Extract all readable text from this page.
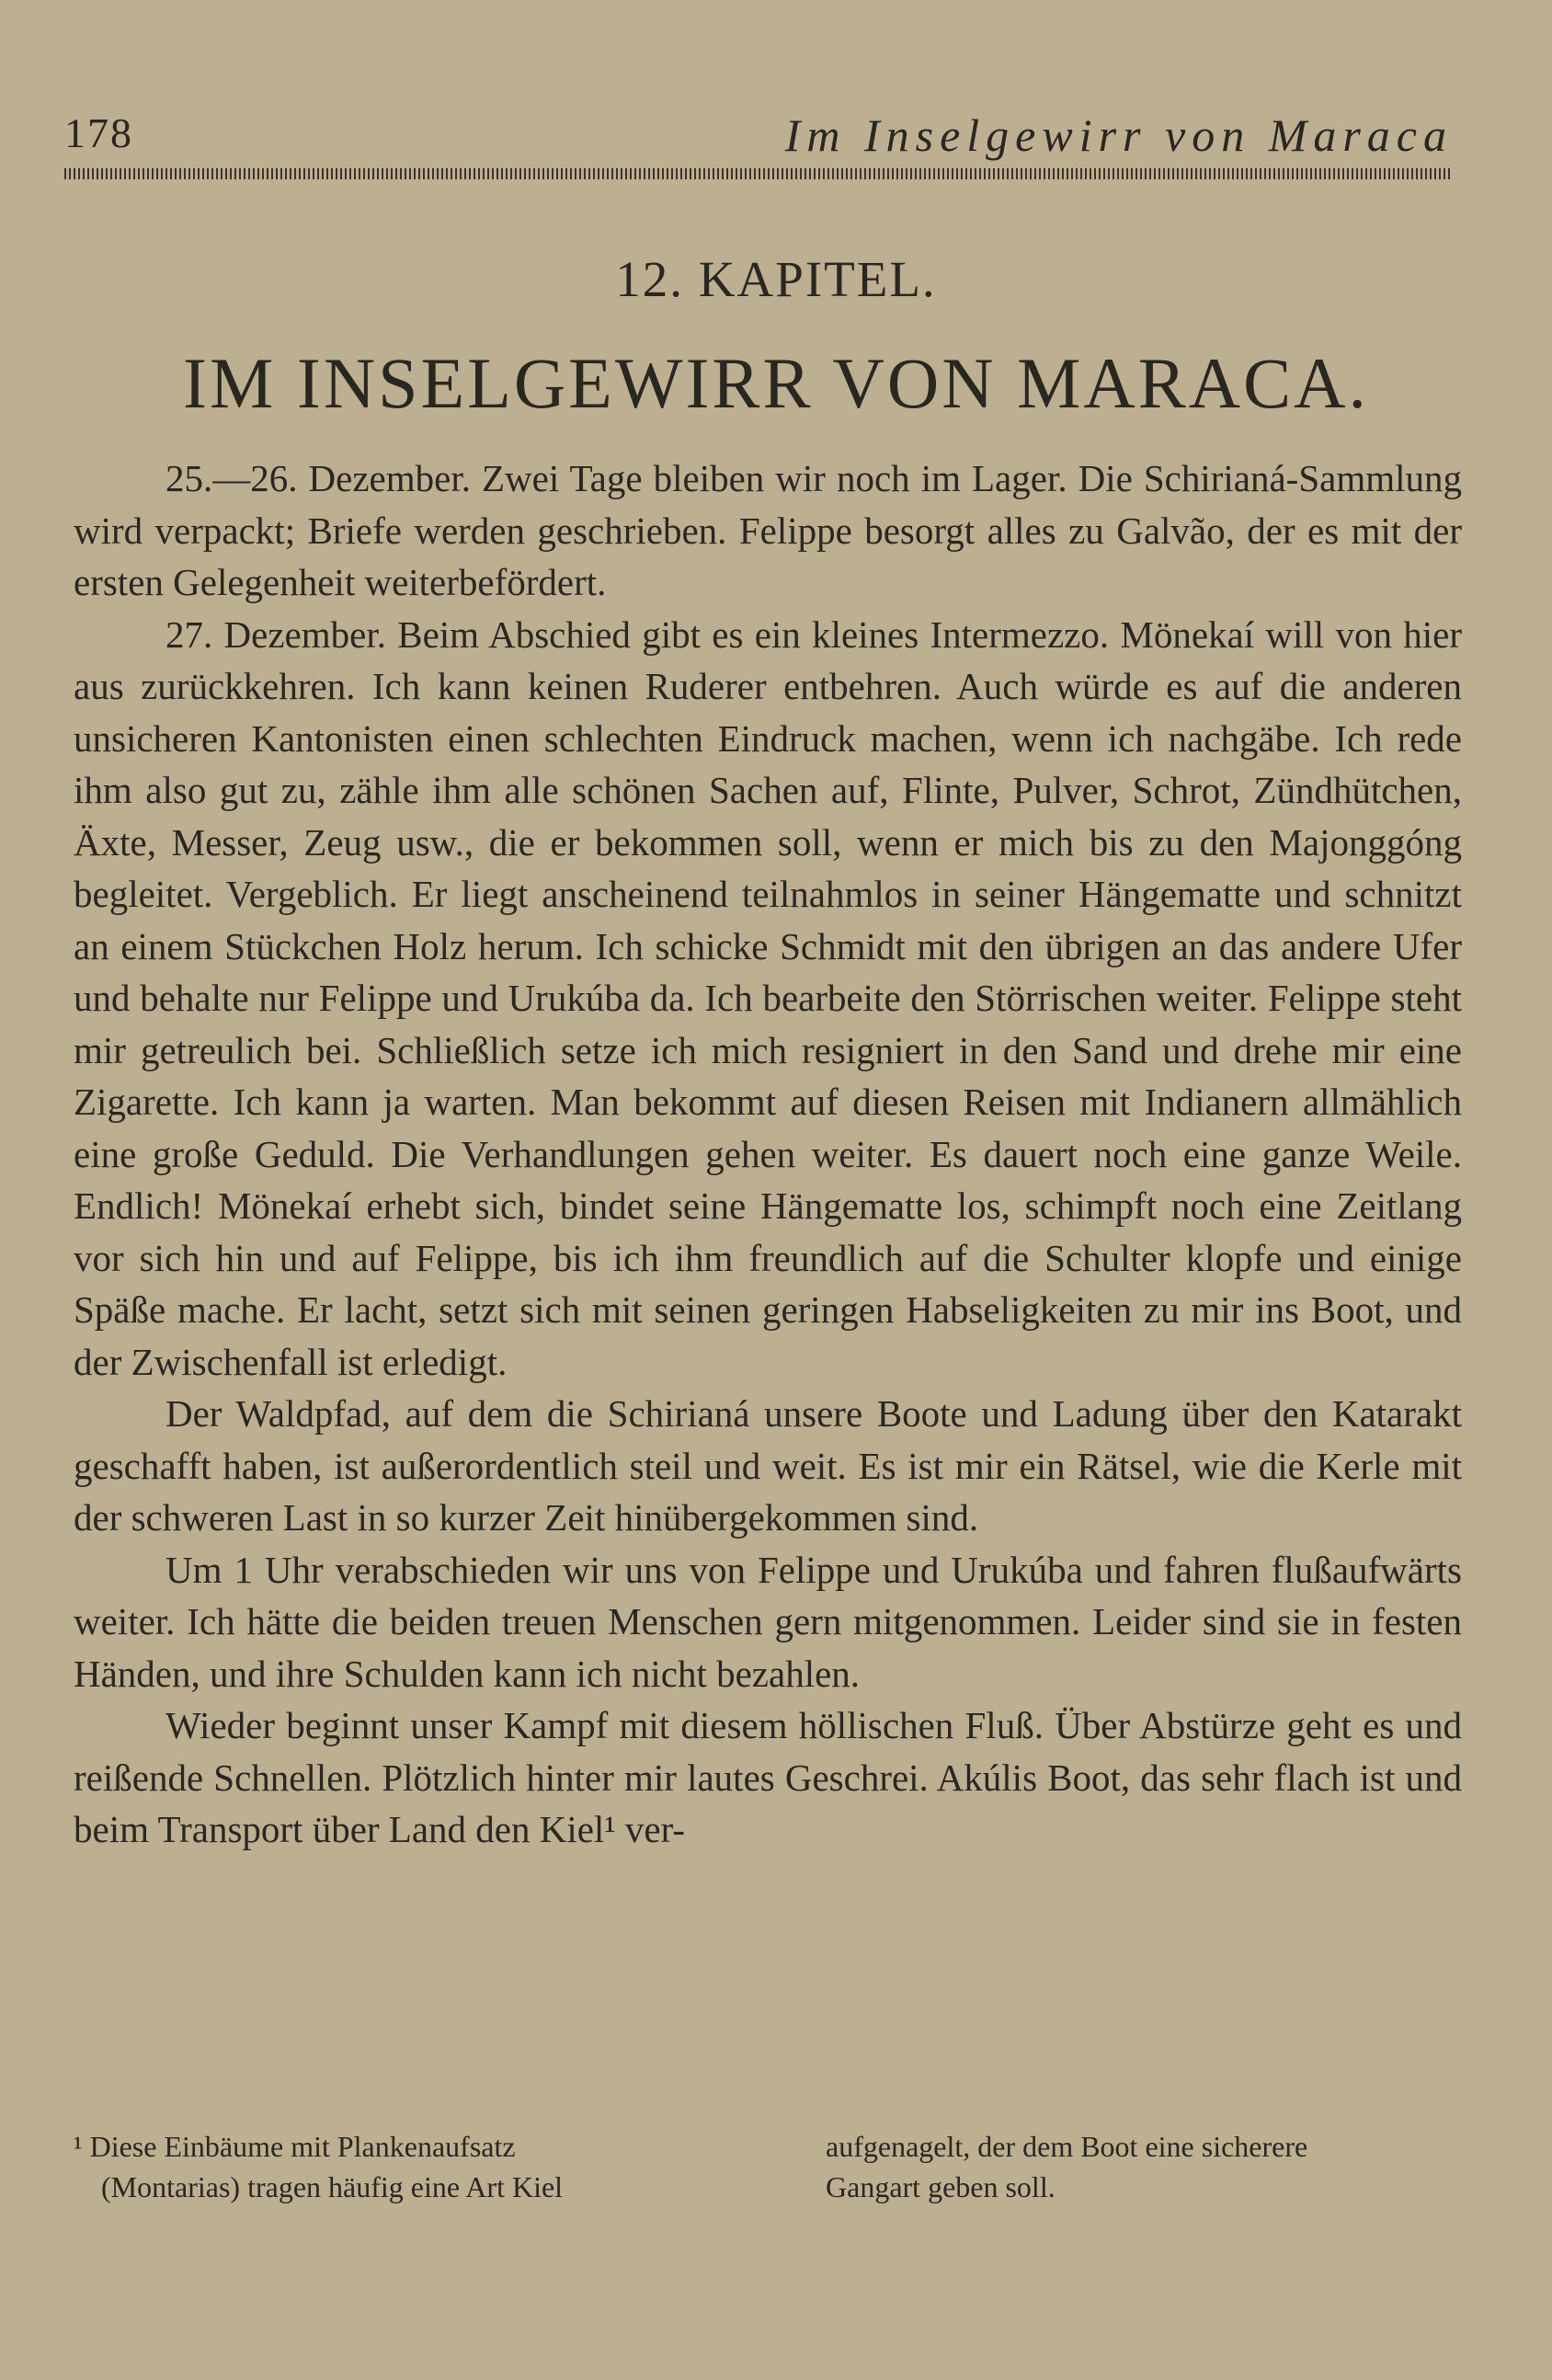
178	Im Inselgewirr von Maraca
12. KAPITEL.
IM INSELGEWIRR VON MARACA.

25.—26. Dezember. Zwei Tage bleiben wir noch im Lager. Die Schirianá-Sammlung wird verpackt; Briefe werden geschrieben. Felippe besorgt alles zu Galvão, der es mit der ersten Gelegenheit weiterbefördert.

27. Dezember. Beim Abschied gibt es ein kleines Intermezzo. Mönekaí will von hier aus zurückkehren. Ich kann keinen Ruderer entbehren. Auch würde es auf die anderen unsicheren Kantonisten einen schlechten Eindruck machen, wenn ich nachgäbe. Ich rede ihm also gut zu, zähle ihm alle schönen Sachen auf, Flinte, Pulver, Schrot, Zündhütchen, Äxte, Messer, Zeug usw., die er bekommen soll, wenn er mich bis zu den Majonggóng begleitet. Vergeblich. Er liegt anscheinend teilnahmlos in seiner Hängematte und schnitzt an einem Stückchen Holz herum. Ich schicke Schmidt mit den übrigen an das andere Ufer und behalte nur Felippe und Urukúba da. Ich bearbeite den Störrischen weiter. Felippe steht mir getreulich bei. Schließlich setze ich mich resigniert in den Sand und drehe mir eine Zigarette. Ich kann ja warten. Man bekommt auf diesen Reisen mit Indianern allmählich eine große Geduld. Die Verhandlungen gehen weiter. Es dauert noch eine ganze Weile. Endlich! Mönekaí erhebt sich, bindet seine Hängematte los, schimpft noch eine Zeitlang vor sich hin und auf Felippe, bis ich ihm freundlich auf die Schulter klopfe und einige Späße mache. Er lacht, setzt sich mit seinen geringen Habseligkeiten zu mir ins Boot, und der Zwischenfall ist erledigt.

Der Waldpfad, auf dem die Schirianá unsere Boote und Ladung über den Katarakt geschafft haben, ist außerordentlich steil und weit. Es ist mir ein Rätsel, wie die Kerle mit der schweren Last in so kurzer Zeit hinübergekommen sind.

Um 1 Uhr verabschieden wir uns von Felippe und Urukúba und fahren flußaufwärts weiter. Ich hätte die beiden treuen Menschen gern mitgenommen. Leider sind sie in festen Händen, und ihre Schulden kann ich nicht bezahlen.

Wieder beginnt unser Kampf mit diesem höllischen Fluß. Über Abstürze geht es und reißende Schnellen. Plötzlich hinter mir lautes Geschrei. Akúlis Boot, das sehr flach ist und beim Transport über Land den Kiel¹ ver-

¹ Diese Einbäume mit Plankenaufsatz
(Montarias) tragen häufig eine Art Kiel
aufgenagelt, der dem Boot eine sicherere
Gangart geben soll.
